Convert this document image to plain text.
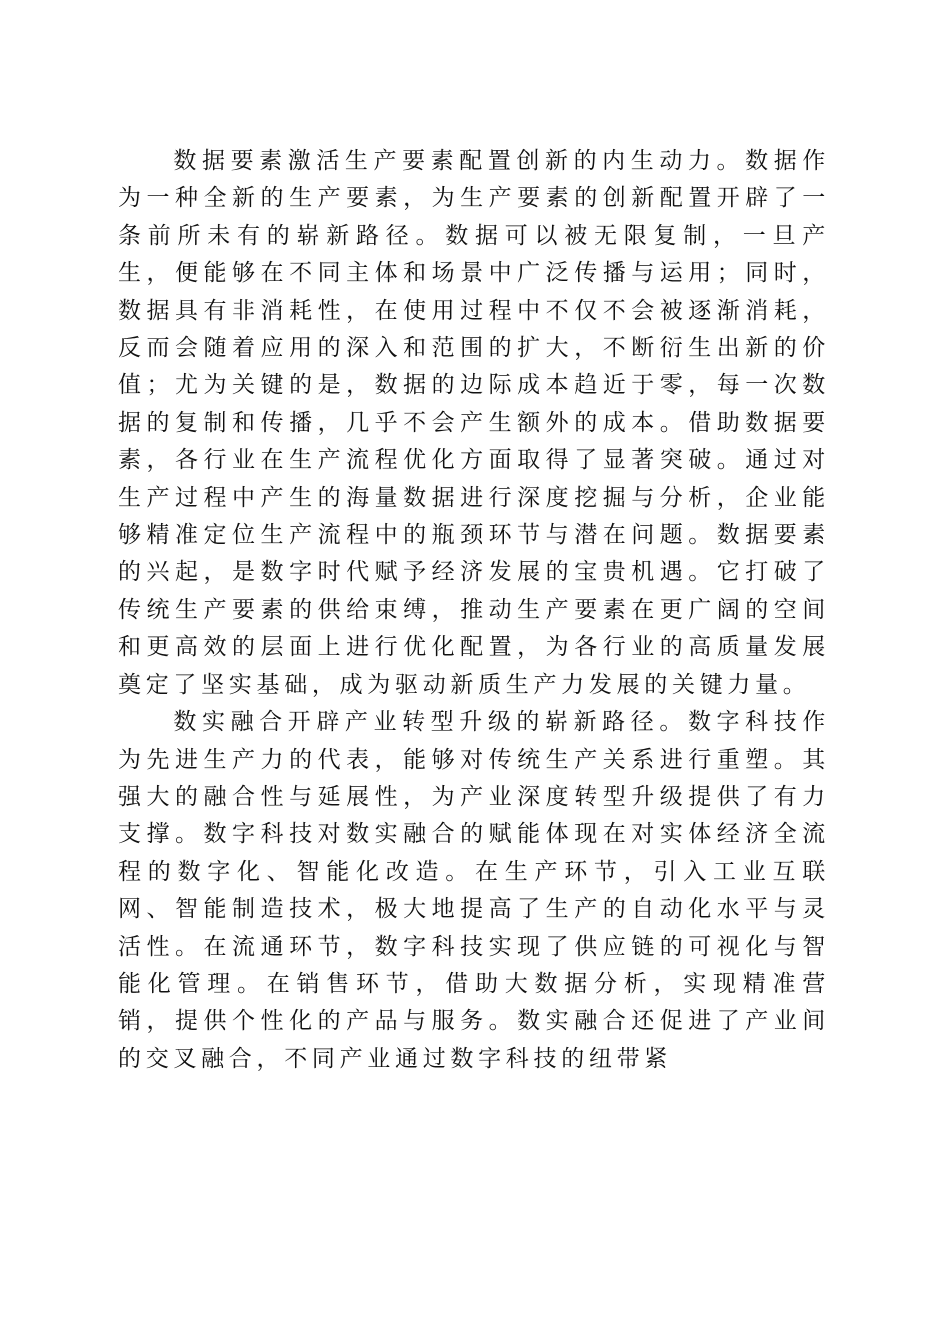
数据要素激活生产要素配置创新的内生动力。数据作为一种全新的生产要素，为生产要素的创新配置开辟了一条前所未有的崭新路径。数据可以被无限复制，一旦产生，便能够在不同主体和场景中广泛传播与运用；同时，数据具有非消耗性，在使用过程中不仅不会被逐渐消耗，反而会随着应用的深入和范围的扩大，不断衍生出新的价值；尤为关键的是，数据的边际成本趋近于零，每一次数据的复制和传播，几乎不会产生额外的成本。借助数据要素，各行业在生产流程优化方面取得了显著突破。通过对生产过程中产生的海量数据进行深度挖掘与分析，企业能够精准定位生产流程中的瓶颈环节与潜在问题。数据要素的兴起，是数字时代赋予经济发展的宝贵机遇。它打破了传统生产要素的供给束缚，推动生产要素在更广阔的空间和更高效的层面上进行优化配置，为各行业的高质量发展奠定了坚实基础，成为驱动新质生产力发展的关键力量。

数实融合开辟产业转型升级的崭新路径。数字科技作为先进生产力的代表，能够对传统生产关系进行重塑。其强大的融合性与延展性，为产业深度转型升级提供了有力支撑。数字科技对数实融合的赋能体现在对实体经济全流程的数字化、智能化改造。在生产环节，引入工业互联网、智能制造技术，极大地提高了生产的自动化水平与灵活性。在流通环节，数字科技实现了供应链的可视化与智能化管理。在销售环节，借助大数据分析，实现精准营销，提供个性化的产品与服务。数实融合还促进了产业间的交叉融合，不同产业通过数字科技的纽带紧
